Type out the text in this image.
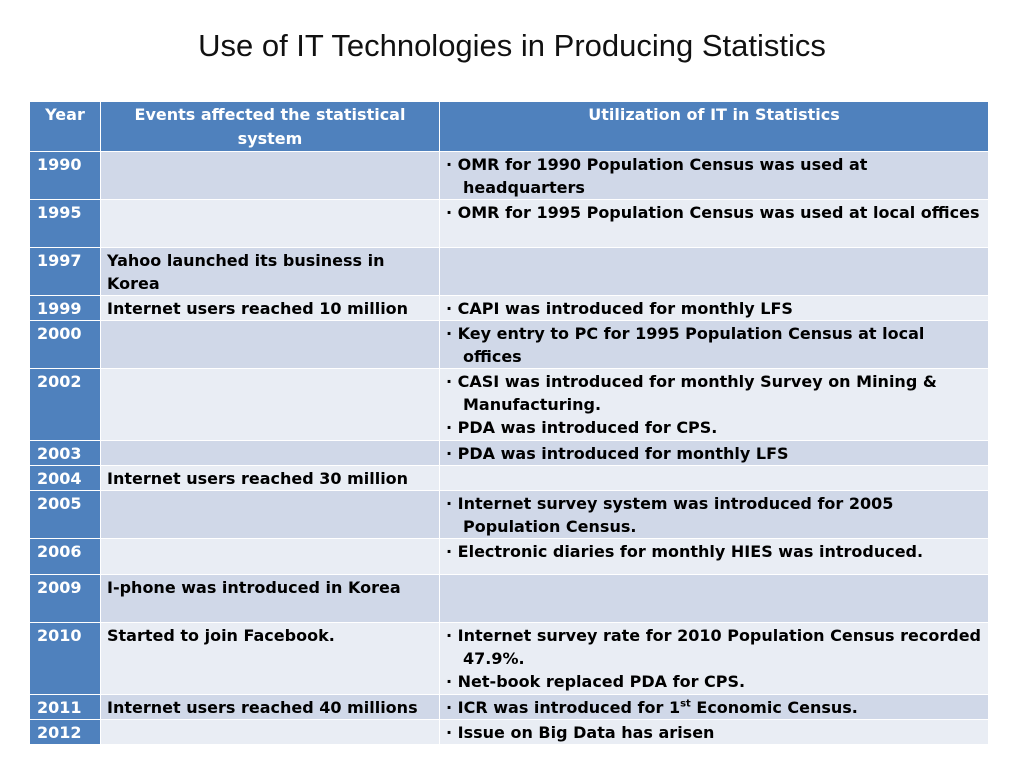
Use of IT Technologies in Producing Statistics
Year	Events affected the statistical system	Utilization of IT in Statistics
1990		· OMR for 1990 Population Census was used at headquarters

1995		· OMR for 1995 Population Census was used at local offices

1997	Yahoo launched its business in Korea	
1999	Internet users reached 10 million	· CAPI was introduced for monthly LFS

2000		· Key entry to PC for 1995 Population Census at local offices

2002		· CASI was introduced for monthly Survey on Mining & Manufacturing.
· PDA was introduced for CPS.

2003		· PDA was introduced for monthly LFS

2004	Internet users reached 30 million	
2005		· Internet survey system was introduced for 2005 Population Census.

2006		· Electronic diaries for monthly HIES was introduced.

2009	I-phone was introduced in Korea	
2010	Started to join Facebook.	· Internet survey rate for 2010 Population Census recorded 47.9%.
· Net-book replaced PDA for CPS.

2011	Internet users reached 40 millions	· ICR was introduced for 1st Economic Census.

2012		· Issue on Big Data has arisen
